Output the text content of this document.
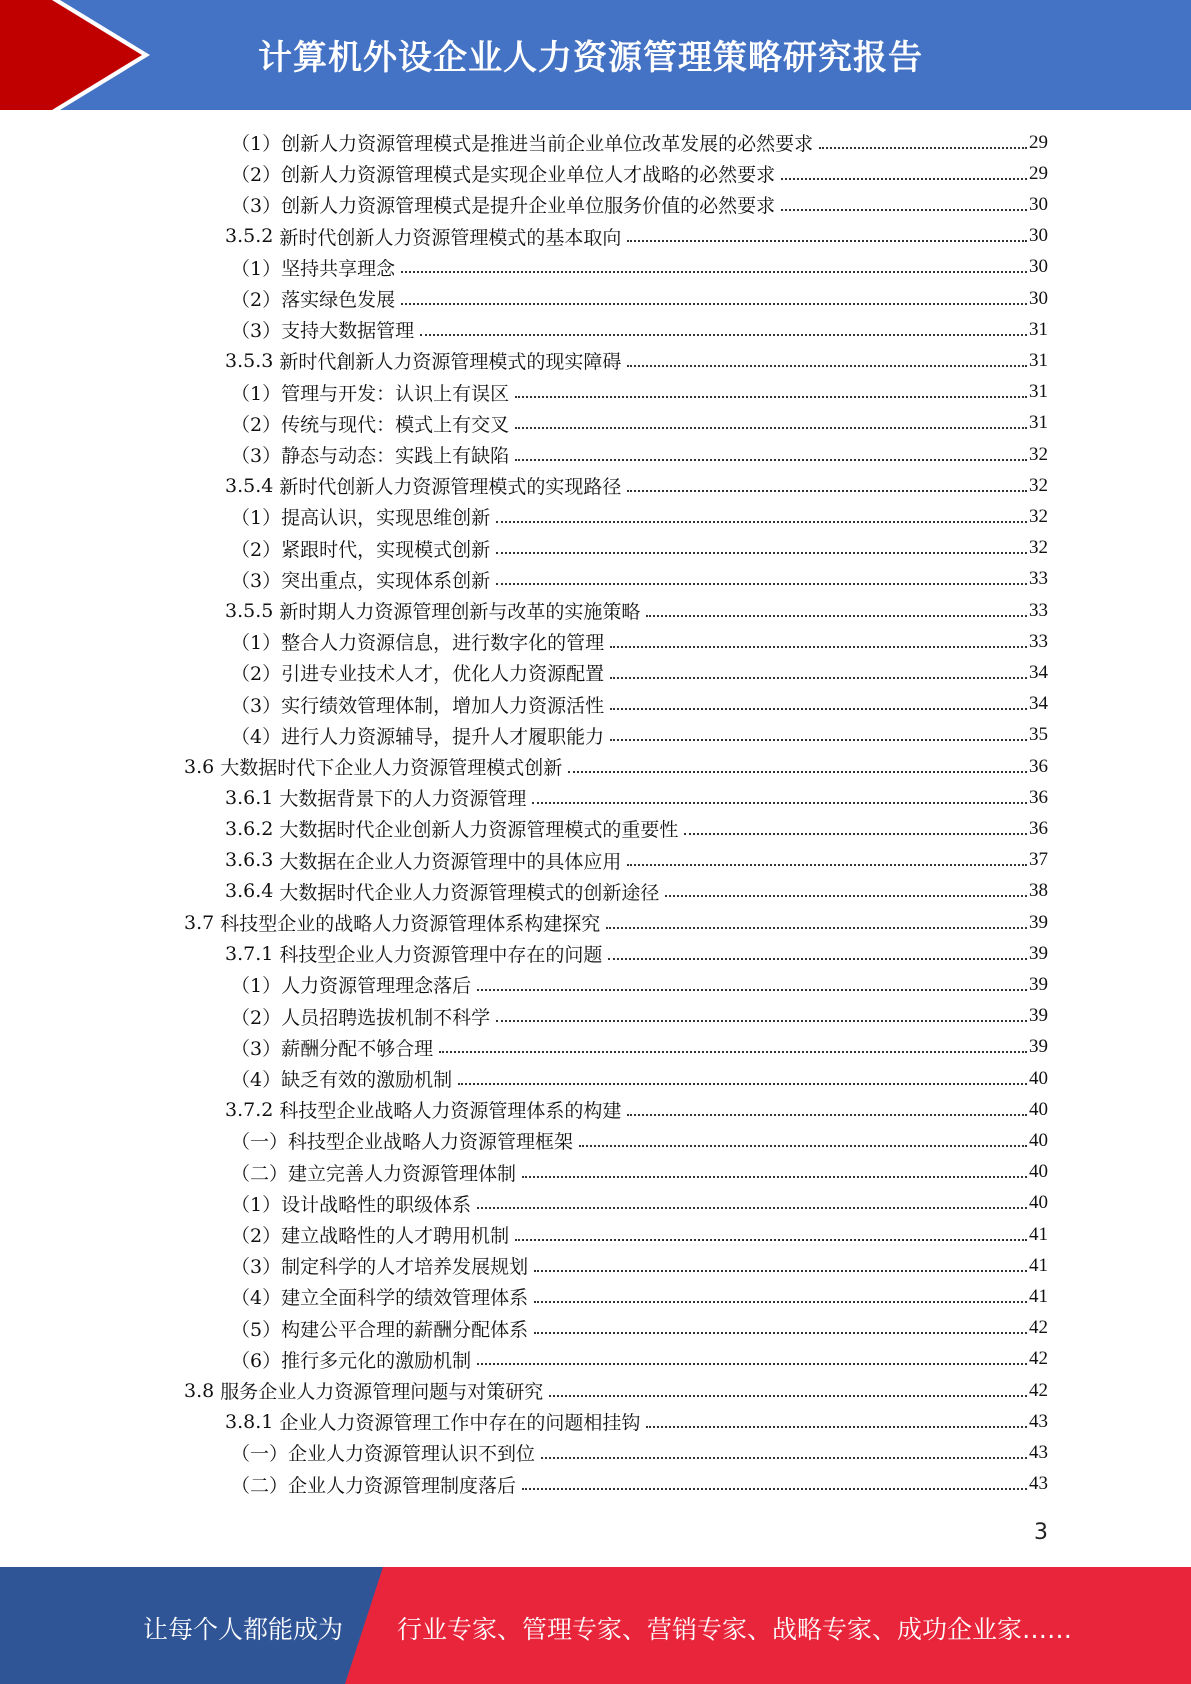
计算机外设企业人力资源管理策略研究报告
（1） 创新人力资源管理模式是推进当前企业单位改革发展的必然要求	29
（2） 创新人力资源管理模式是实现企业单位人才战略的必然要求	29
（3） 创新人力资源管理模式是提升企业单位服务价值的必然要求	30
3.5.2 新时代创新人力资源管理模式的基本取向	30
（1） 坚持共享理念	30
（2） 落实绿色发展	30
（3） 支持大数据管理	31
3.5.3 新时代創新人力资源管理模式的现实障碍	31
（1） 管理与开发：认识上有误区	31
（2） 传统与现代：模式上有交叉	31
（3） 静态与动态：实践上有缺陷	32
3.5.4 新时代创新人力资源管理模式的实现路径	32
（1） 提高认识，实现思维创新	32
（2） 紧跟时代，实现模式创新	32
（3） 突出重点，实现体系创新	33
3.5.5 新时期人力资源管理创新与改革的实施策略	33
（1） 整合人力资源信息，进行数字化的管理	33
（2） 引进专业技术人才，优化人力资源配置	34
（3） 实行绩效管理体制，增加人力资源活性	34
（4） 进行人力资源辅导，提升人才履职能力	35
3.6 大数据时代下企业人力资源管理模式创新	36
3.6.1 大数据背景下的人力资源管理	36
3.6.2 大数据时代企业创新人力资源管理模式的重要性	36
3.6.3 大数据在企业人力资源管理中的具体应用	37
3.6.4 大数据时代企业人力资源管理模式的创新途径	38
3.7 科技型企业的战略人力资源管理体系构建探究	39
3.7.1 科技型企业人力资源管理中存在的问题	39
（1） 人力资源管理理念落后	39
（2） 人员招聘选拔机制不科学	39
（3） 薪酬分配不够合理	39
（4） 缺乏有效的激励机制	40
3.7.2 科技型企业战略人力资源管理体系的构建	40
（一） 科技型企业战略人力资源管理框架	40
（二） 建立完善人力资源管理体制	40
（1） 设计战略性的职级体系	40
（2） 建立战略性的人才聘用机制	41
（3） 制定科学的人才培养发展规划	41
（4） 建立全面科学的绩效管理体系	41
（5） 构建公平合理的薪酬分配体系	42
（6） 推行多元化的激励机制	42
3.8 服务企业人力资源管理问题与对策研究	42
3.8.1 企业人力资源管理工作中存在的问题相挂钩	43
（一） 企业人力资源管理认识不到位	43
（二） 企业人力资源管理制度落后	43
3
让每个人都能成为 行业专家、管理专家、营销专家、战略专家、成功企业家……
